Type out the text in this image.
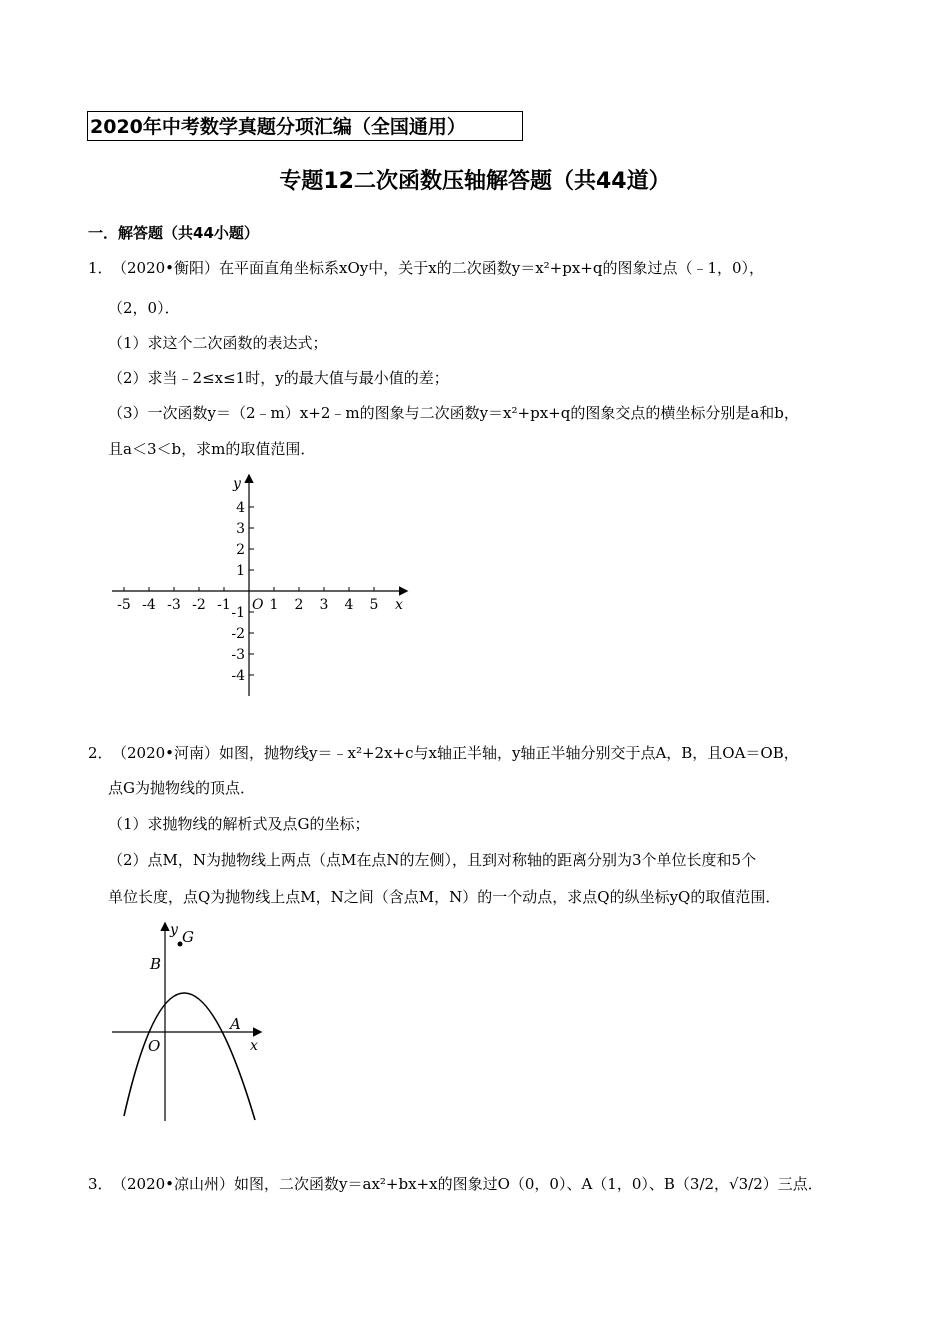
2020年中考数学真题分项汇编（全国通用）
专题12二次函数压轴解答题（共44道）
一．解答题（共44小题）
1． （2020•衡阳）在平面直角坐标系xOy中，关于x的二次函数y＝x²+px+q的图象过点（﹣1，0），
（2，0）．
（1）求这个二次函数的表达式；
（2）求当﹣2≤x≤1时，y的最大值与最小值的差；
（3）一次函数y＝（2﹣m）x+2﹣m的图象与二次函数y＝x²+px+q的图象交点的横坐标分别是a和b，
且a＜3＜b，求m的取值范围．
-5 -4 -3 -2 -1	1 2 3 4 5
4
3
2
1
-1
-2
-3
-4
x
y
O
2． （2020•河南）如图，抛物线y＝﹣x²+2x+c与x轴正半轴，y轴正半轴分别交于点A，B，且OA＝OB，
点G为抛物线的顶点．
（1）求抛物线的解析式及点G的坐标；
（2）点M，N为抛物线上两点（点M在点N的左侧），且到对称轴的距离分别为3个单位长度和5个
单位长度，点Q为抛物线上点M，N之间（含点M，N）的一个动点，求点Q的纵坐标yQ的取值范围．
y G
B
A
x
O
3． （2020•凉山州）如图，二次函数y＝ax²+bx+x的图象过O（0，0）、A（1，0）、B（3/2，√3/2）三点．
